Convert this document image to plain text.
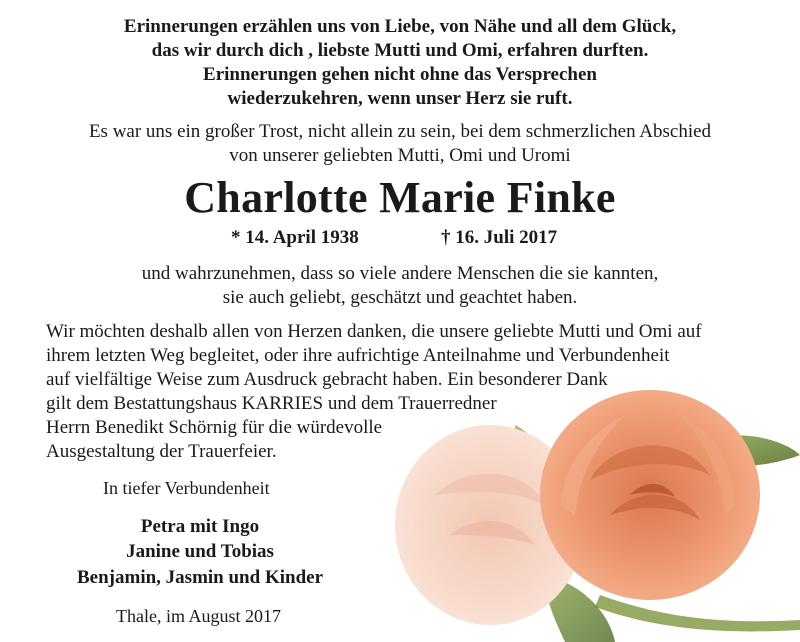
Erinnerungen erzählen uns von Liebe, von Nähe und all dem Glück,
das wir durch dich , liebste Mutti und Omi, erfahren durften.
Erinnerungen gehen nicht ohne das Versprechen
wiederzukehren, wenn unser Herz sie ruft.
Es war uns ein großer Trost, nicht allein zu sein, bei dem schmerzlichen Abschied
von unserer geliebten Mutti, Omi und Uromi
Charlotte Marie Finke
* 14. April 1938	† 16. Juli 2017
und wahrzunehmen, dass so viele andere Menschen die sie kannten,
sie auch geliebt, geschätzt und geachtet haben.
Wir möchten deshalb allen von Herzen danken, die unsere geliebte Mutti und Omi auf
ihrem letzten Weg begleitet, oder ihre aufrichtige Anteilnahme und Verbundenheit
auf vielfältige Weise zum Ausdruck gebracht haben. Ein besonderer Dank
gilt dem Bestattungshaus KARRIES und dem Trauerredner
Herrn Benedikt Schörnig für die würdevolle
Ausgestaltung der Trauerfeier.
In tiefer Verbundenheit
Petra mit Ingo
Janine und Tobias
Benjamin, Jasmin und Kinder
Thale, im August 2017
